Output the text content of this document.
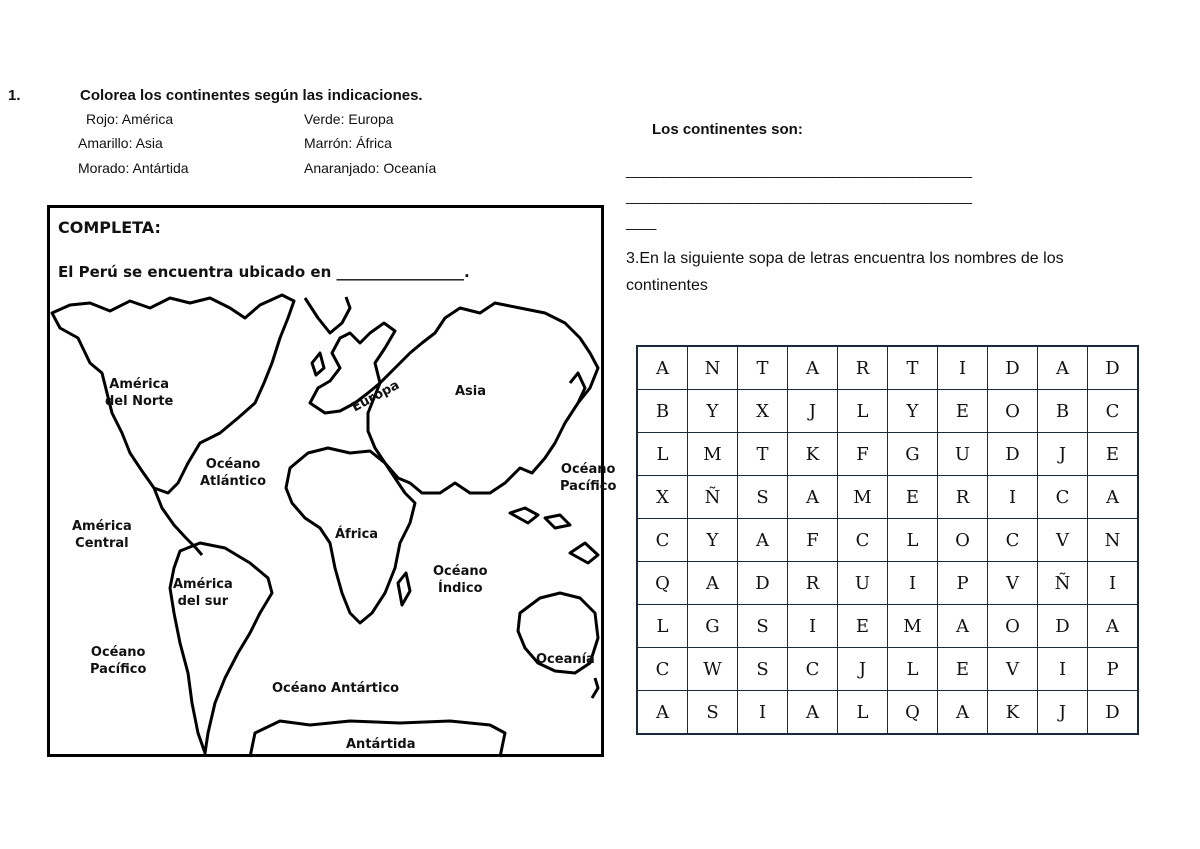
1.	Colorea los continentes según las indicaciones.
Rojo: América	Verde: Europa
Amarillo: Asia	Marrón: África
Morado: Antártida	Anaranjado: Oceanía
Los continentes son:
_______________________________________________
_______________________________________________
____
3.En la siguiente sopa de letras encuentra los nombres de los continentes
COMPLETA:
El Perú se encuentra ubicado en _________________.
América
del Norte	Europa	Asia
Océano
Atlántico
Océano
Pacífico
América
Central
África
Océano
Índico
América
del sur
Océano
Pacífico
Oceanía
Océano Antártico
Antártida
A	N	T	A	R	T	I	D	A	D
B	Y	X	J	L	Y	E	O	B	C
L	M	T	K	F	G	U	D	J	E
X	Ñ	S	A	M	E	R	I	C	A
C	Y	A	F	C	L	O	C	V	N
Q	A	D	R	U	I	P	V	Ñ	I
L	G	S	I	E	M	A	O	D	A
C	W	S	C	J	L	E	V	I	P
A	S	I	A	L	Q	A	K	J	D
